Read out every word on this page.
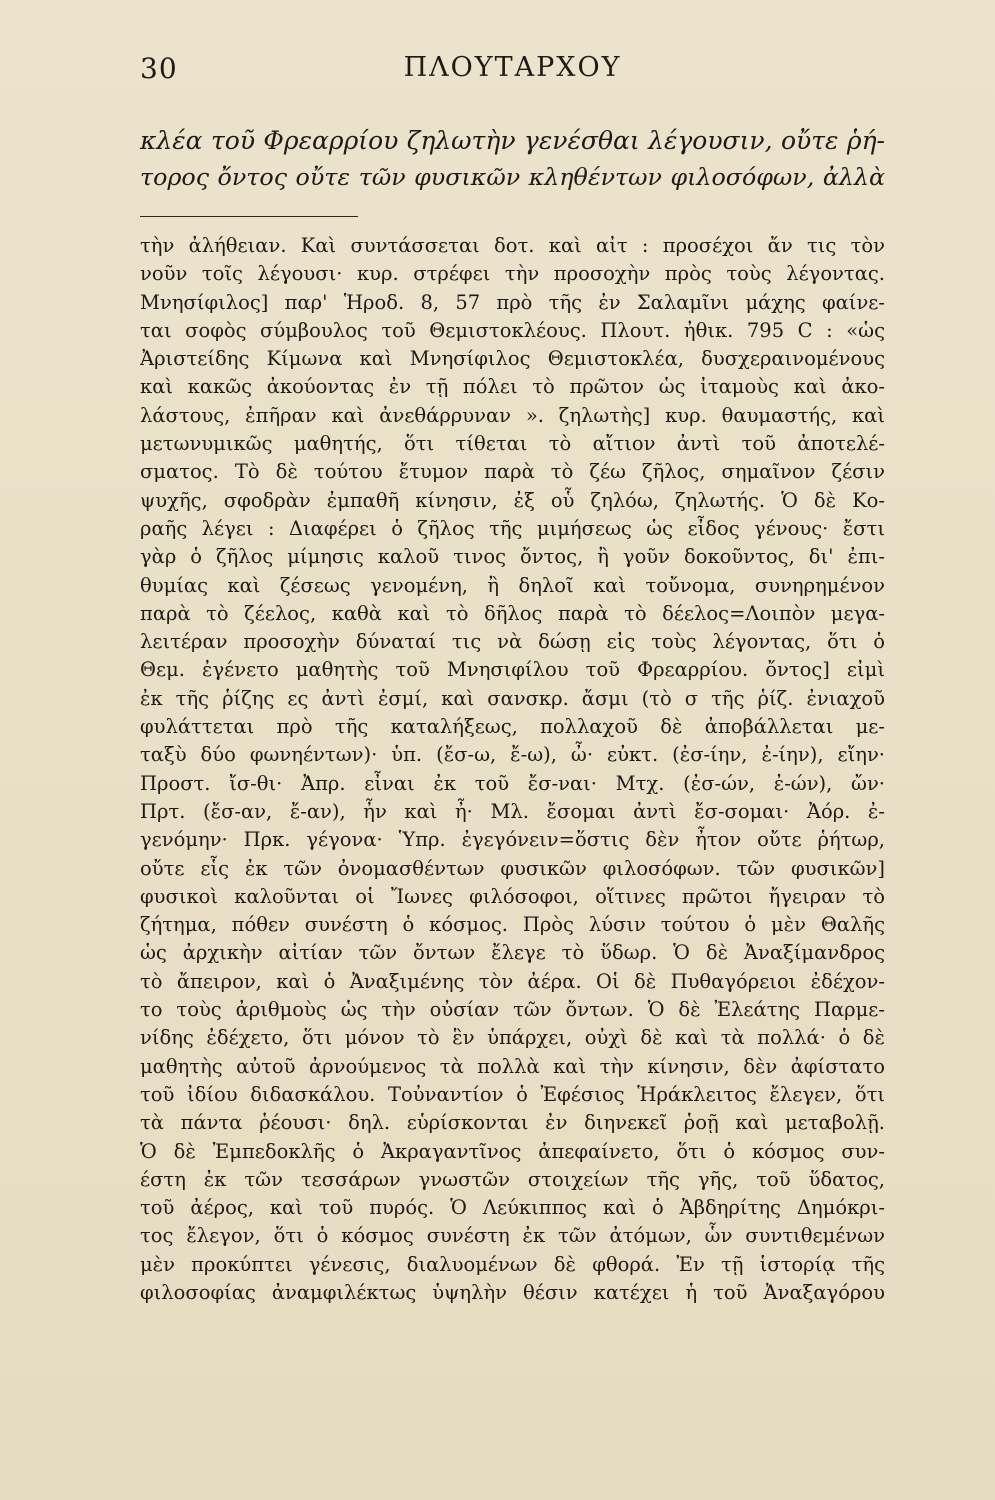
30	ΠΛΟΥΤΑΡΧΟΥ
κλέα τοῦ Φρεαρρίου ζηλωτὴν γενέσθαι λέγουσιν, οὔτε ῥή-
τορος ὄντος οὔτε τῶν φυσικῶν κληθέντων φιλοσόφων, ἀλλὰ
τὴν ἀλήθειαν. Καὶ συντάσσεται δοτ. καὶ αἰτ : προσέχοι ἄν τις τὸν
νοῦν τοῖς λέγουσι· κυρ. στρέφει τὴν προσοχὴν πρὸς τοὺς λέγοντας.
Μνησίφιλος] παρ' Ἡροδ. 8, 57 πρὸ τῆς ἐν Σαλαμῖνι μάχης φαίνε-
ται σοφὸς σύμβουλος τοῦ Θεμιστοκλέους. Πλουτ. ἠθικ. 795 C : «ὡς
Ἀριστείδης Κίμωνα καὶ Μνησίφιλος Θεμιστοκλέα, δυσχεραινομένους
καὶ κακῶς ἀκούοντας ἐν τῇ πόλει τὸ πρῶτον ὡς ἰταμοὺς καὶ ἀκο-
λάστους, ἐπῆραν καὶ ἀνεθάρρυναν ». ζηλωτὴς] κυρ. θαυμαστής, καὶ
μετωνυμικῶς μαθητής, ὅτι τίθεται τὸ αἴτιον ἀντὶ τοῦ ἀποτελέ-
σματος. Τὸ δὲ τούτου ἔτυμον παρὰ τὸ ζέω ζῆλος, σημαῖνον ζέσιν
ψυχῆς, σφοδρὰν ἐμπαθῆ κίνησιν, ἐξ οὗ ζηλόω, ζηλωτής. Ὁ δὲ Κο-
ραῆς λέγει : Διαφέρει ὁ ζῆλος τῆς μιμήσεως ὡς εἶδος γένους· ἔστι
γὰρ ὁ ζῆλος μίμησις καλοῦ τινος ὄντος, ἢ γοῦν δοκοῦντος, δι' ἐπι-
θυμίας καὶ ζέσεως γενομένη, ἢ δηλοῖ καὶ τοὔνομα, συνηρημένον
παρὰ τὸ ζέελος, καθὰ καὶ τὸ δῆλος παρὰ τὸ δέελος=Λοιπὸν μεγα-
λειτέραν προσοχὴν δύναταί τις νὰ δώσῃ εἰς τοὺς λέγοντας, ὅτι ὁ
Θεμ. ἐγένετο μαθητὴς τοῦ Μνησιφίλου τοῦ Φρεαρρίου. ὄντος] εἰμὶ
ἐκ τῆς ῥίζης ες ἀντὶ ἐσμί, καὶ σανσκρ. ἄσμι (τὸ σ τῆς ῥίζ. ἐνιαχοῦ
φυλάττεται πρὸ τῆς καταλήξεως, πολλαχοῦ δὲ ἀποβάλλεται με-
ταξὺ δύο φωνηέντων)· ὑπ. (ἔσ-ω, ἔ-ω), ὦ· εὐκτ. (ἐσ-ίην, ἐ-ίην), εἴην·
Προστ. ἴσ-θι· Ἀπρ. εἶναι ἐκ τοῦ ἔσ-ναι· Μτχ. (ἐσ-ών, ἐ-ών), ὤν·
Πρτ. (ἔσ-αν, ἔ-αν), ἦν καὶ ἦ· Μλ. ἔσομαι ἀντὶ ἔσ-σομαι· Ἀόρ. ἐ-
γενόμην· Πρκ. γέγονα· Ὑπρ. ἐγεγόνειν=ὅστις δὲν ἦτον οὔτε ῥήτωρ,
οὔτε εἷς ἐκ τῶν ὀνομασθέντων φυσικῶν φιλοσόφων. τῶν φυσικῶν]
φυσικοὶ καλοῦνται οἱ Ἴωνες φιλόσοφοι, οἵτινες πρῶτοι ἤγειραν τὸ
ζήτημα, πόθεν συνέστη ὁ κόσμος. Πρὸς λύσιν τούτου ὁ μὲν Θαλῆς
ὡς ἀρχικὴν αἰτίαν τῶν ὄντων ἔλεγε τὸ ὕδωρ. Ὁ δὲ Ἀναξίμανδρος
τὸ ἄπειρον, καὶ ὁ Ἀναξιμένης τὸν ἀέρα. Οἱ δὲ Πυθαγόρειοι ἐδέχον-
το τοὺς ἀριθμοὺς ὡς τὴν οὐσίαν τῶν ὄντων. Ὁ δὲ Ἐλεάτης Παρμε-
νίδης ἐδέχετο, ὅτι μόνον τὸ ἓν ὑπάρχει, οὐχὶ δὲ καὶ τὰ πολλά· ὁ δὲ
μαθητὴς αὐτοῦ ἀρνούμενος τὰ πολλὰ καὶ τὴν κίνησιν, δὲν ἀφίστατο
τοῦ ἰδίου διδασκάλου. Τοὐναντίον ὁ Ἐφέσιος Ἡράκλειτος ἔλεγεν, ὅτι
τὰ πάντα ῥέουσι· δηλ. εὑρίσκονται ἐν διηνεκεῖ ῥοῇ καὶ μεταβολῇ.
Ὁ δὲ Ἐμπεδοκλῆς ὁ Ἀκραγαντῖνος ἀπεφαίνετο, ὅτι ὁ κόσμος συν-
έστη ἐκ τῶν τεσσάρων γνωστῶν στοιχείων τῆς γῆς, τοῦ ὕδατος,
τοῦ ἀέρος, καὶ τοῦ πυρός. Ὁ Λεύκιππος καὶ ὁ Ἀβδηρίτης Δημόκρι-
τος ἔλεγον, ὅτι ὁ κόσμος συνέστη ἐκ τῶν ἀτόμων, ὧν συντιθεμένων
μὲν προκύπτει γένεσις, διαλυομένων δὲ φθορά. Ἐν τῇ ἱστορίᾳ τῆς
φιλοσοφίας ἀναμφιλέκτως ὑψηλὴν θέσιν κατέχει ἡ τοῦ Ἀναξαγόρου
